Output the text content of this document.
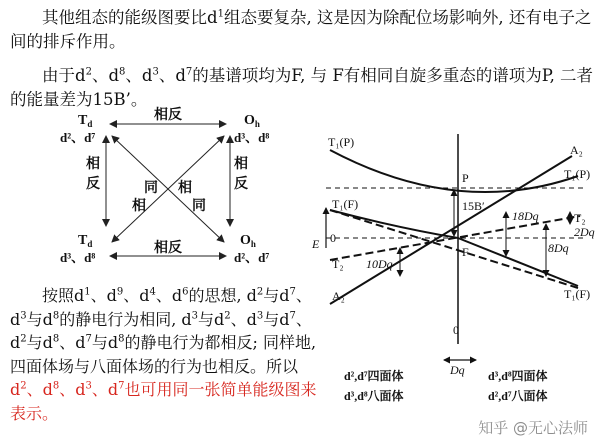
其他组态的能级图要比$d^1$组态要复杂, 这是因为除配位场影响外, 还有电子之间的排斥作用。

由于$d^2$、$d^8$、$d^3$、$d^7$的基谱项均为F, 与 F有相同自旋多重态的谱项为P, 二者的能量差为15B’。

相反
相反
相
反
相
反
同
相
相
同
$T_d$
d²、d⁷
$O_h$
d³、d⁸
$T_d$
d³、d⁸
$O_h$
d²、d⁷
E 0
0
Dq
T₁(P)
T₁(P)
A₂
P
15B′
18Dq
T₁(F)
T₂
2Dq
F	8Dq
T₂ 10Dq
A₂	T₁(F)
d²,d⁷四面体
d³,d⁸八面体
d³,d⁸四面体
d²,d⁷八面体

按照$d^1$、$d^9$、$d^4$、$d^6$的思想, $d^2$与$d^7$、$d^3$与$d^8$的静电行为相同, $d^3$与$d^2$、$d^3$与$d^7$、$d^2$与$d^8$、$d^7$与$d^8$的静电行为都相反; 同样地, 四面体场与八面体场的行为也相反。所以$d^2$、$d^8$、$d^3$、$d^7$也可用同一张简单能级图来表示。

知乎 @无心法师
